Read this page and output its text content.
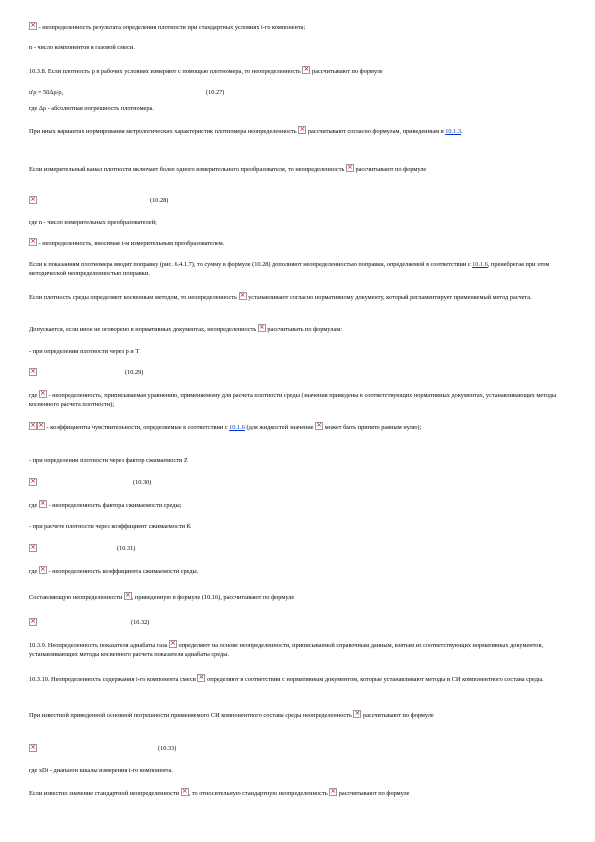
× - неопределенность результата определения плотности при стандартных условиях i-го компонента;

n - число компонентов в газовой смеси.

10.3.8. Если плотность ρ в рабочих условиях измеряют с помощью плотномера, то неопределенность × рассчитывают по формуле

u'ρ = 50Δρ/ρ,	(10.27)

где Δρ - абсолютная погрешность плотномера.

При иных вариантах нормирования метрологических характеристик плотномера неопределенность × рассчитывают согласно формулам, приведенным в 10.1.3.

Если измерительный канал плотности включает более одного измерительного преобразователя, то неопределенность × рассчитывают по формуле

×
(10.28)

где n - число измерительных преобразователей;

× - неопределенность, вносимая i-м измерительным преобразователем.

Если к показаниям плотномера вводят поправку (рис. 6.4.1.7), то сумму в формуле (10.28) дополняют неопределенностью поправки, определяемой в соответствии с 10.1.6, пренебрегая при этом методической неопределенностью поправки.

Если плотность среды определяют косвенным методом, то неопределенность × устанавливают согласно нормативному документу, который регламентирует применяемый метод расчета.

Допускается, если иное не оговорено в нормативных документах, неопределенность × рассчитывать по формулам:

- при определении плотности через p и T

×
(10.29)

где × - неопределенность, приписываемая уравнению, применяемому для расчета плотности среды (значения приведены в соответствующих нормативных документах, устанавливающих методы косвенного расчета плотности);

×× - коэффициенты чувствительности, определяемые в соответствии с 10.1.6 (для жидкостей значение × может быть принято равным нулю);

- при определении плотности через фактор сжимаемости Z

×
(10.30)

где × - неопределенность фактора сжимаемости среды;

- при расчете плотности через коэффициент сжимаемости K

×
(10.31)

где × - неопределенность коэффициента сжимаемости среды.

Составляющую неопределенности × , приведенную в формуле (10.16), рассчитывают по формуле

×
(10.32)

10.3.9. Неопределенность показателя адиабаты газа × определяют на основе неопределенности, приписываемой справочным данным, взятым из соответствующих нормативных документов, устанавливающих методы косвенного расчета показателя адиабаты среды.

10.3.10. Неопределенность содержания i-го компонента смеси × определяют в соответствии с нормативным документом, которые устанавливают методы и СИ компонентного состава среды.

При известной приведенной основной погрешности применяемого СИ компонентного состава среды неопределенность × рассчитывают по формуле

×
(10.33)

где xDi - диапазон шкалы измерения i-го компонента.

Если известно значение стандартной неопределенности × , то относительную стандартную неопределенность × рассчитывают по формуле
